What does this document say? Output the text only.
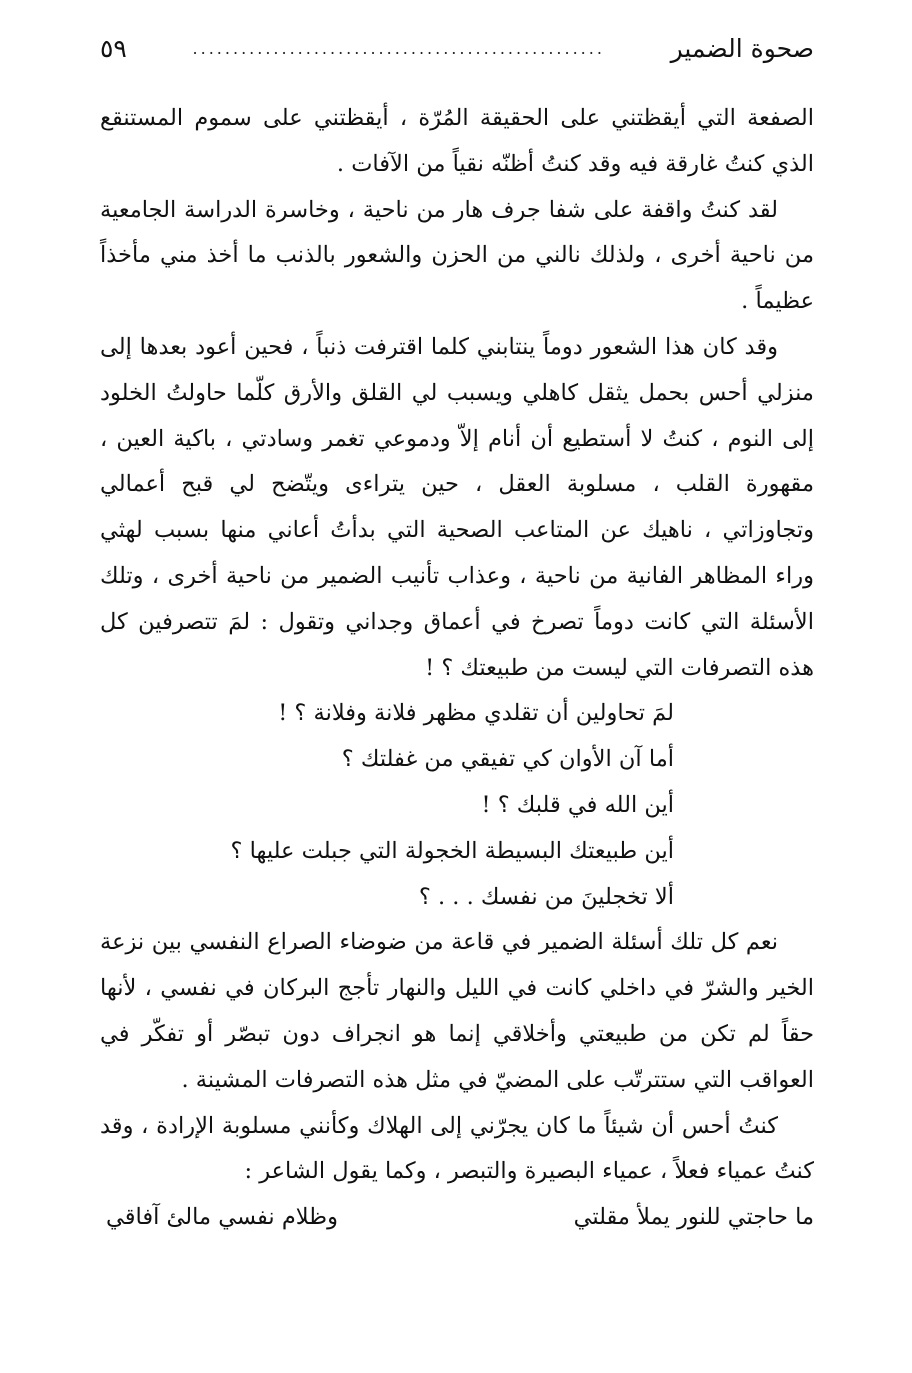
صحوة الضمير
...................................................
٥٩

الصفعة التي أيقظتني على الحقيقة المُرّة ، أيقظتني على سموم المستنقع الذي كنتُ غارقة فيه وقد كنتُ أظنّه نقياً من الآفات .

لقد كنتُ واقفة على شفا جرف هار من ناحية ، وخاسرة الدراسة الجامعية من ناحية أخرى ، ولذلك نالني من الحزن والشعور بالذنب ما أخذ مني مأخذاً عظيماً .

وقد كان هذا الشعور دوماً ينتابني كلما اقترفت ذنباً ، فحين أعود بعدها إلى منزلي أحس بحمل يثقل كاهلي ويسبب لي القلق والأرق كلّما حاولتُ الخلود إلى النوم ، كنتُ لا أستطيع أن أنام إلاّ ودموعي تغمر وسادتي ، باكية العين ، مقهورة القلب ، مسلوبة العقل ، حين يتراءى ويتّضح لي قبح أعمالي وتجاوزاتي ، ناهيك عن المتاعب الصحية التي بدأتُ أعاني منها بسبب لهثي وراء المظاهر الفانية من ناحية ، وعذاب تأنيب الضمير من ناحية أخرى ، وتلك الأسئلة التي كانت دوماً تصرخ في أعماق وجداني وتقول : لمَ تتصرفين كل هذه التصرفات التي ليست من طبيعتك ؟ !

لمَ تحاولين أن تقلدي مظهر فلانة وفلانة ؟ !

أما آن الأوان كي تفيقي من غفلتك ؟

أين الله في قلبك ؟ !

أين طبيعتك البسيطة الخجولة التي جبلت عليها ؟

ألا تخجلينَ من نفسك . . . ؟

نعم كل تلك أسئلة الضمير في قاعة من ضوضاء الصراع النفسي بين نزعة الخير والشرّ في داخلي كانت في الليل والنهار تأجج البركان في نفسي ، لأنها حقاً لم تكن من طبيعتي وأخلاقي إنما هو انجراف دون تبصّر أو تفكّر في العواقب التي ستترتّب على المضيّ في مثل هذه التصرفات المشينة .

كنتُ أحس أن شيئاً ما كان يجرّني إلى الهلاك وكأنني مسلوبة الإرادة ، وقد كنتُ عمياء فعلاً ، عمياء البصيرة والتبصر ، وكما يقول الشاعر :

ما حاجتي للنور يملأ مقلتي
وظلام نفسي مالئ آفاقي
